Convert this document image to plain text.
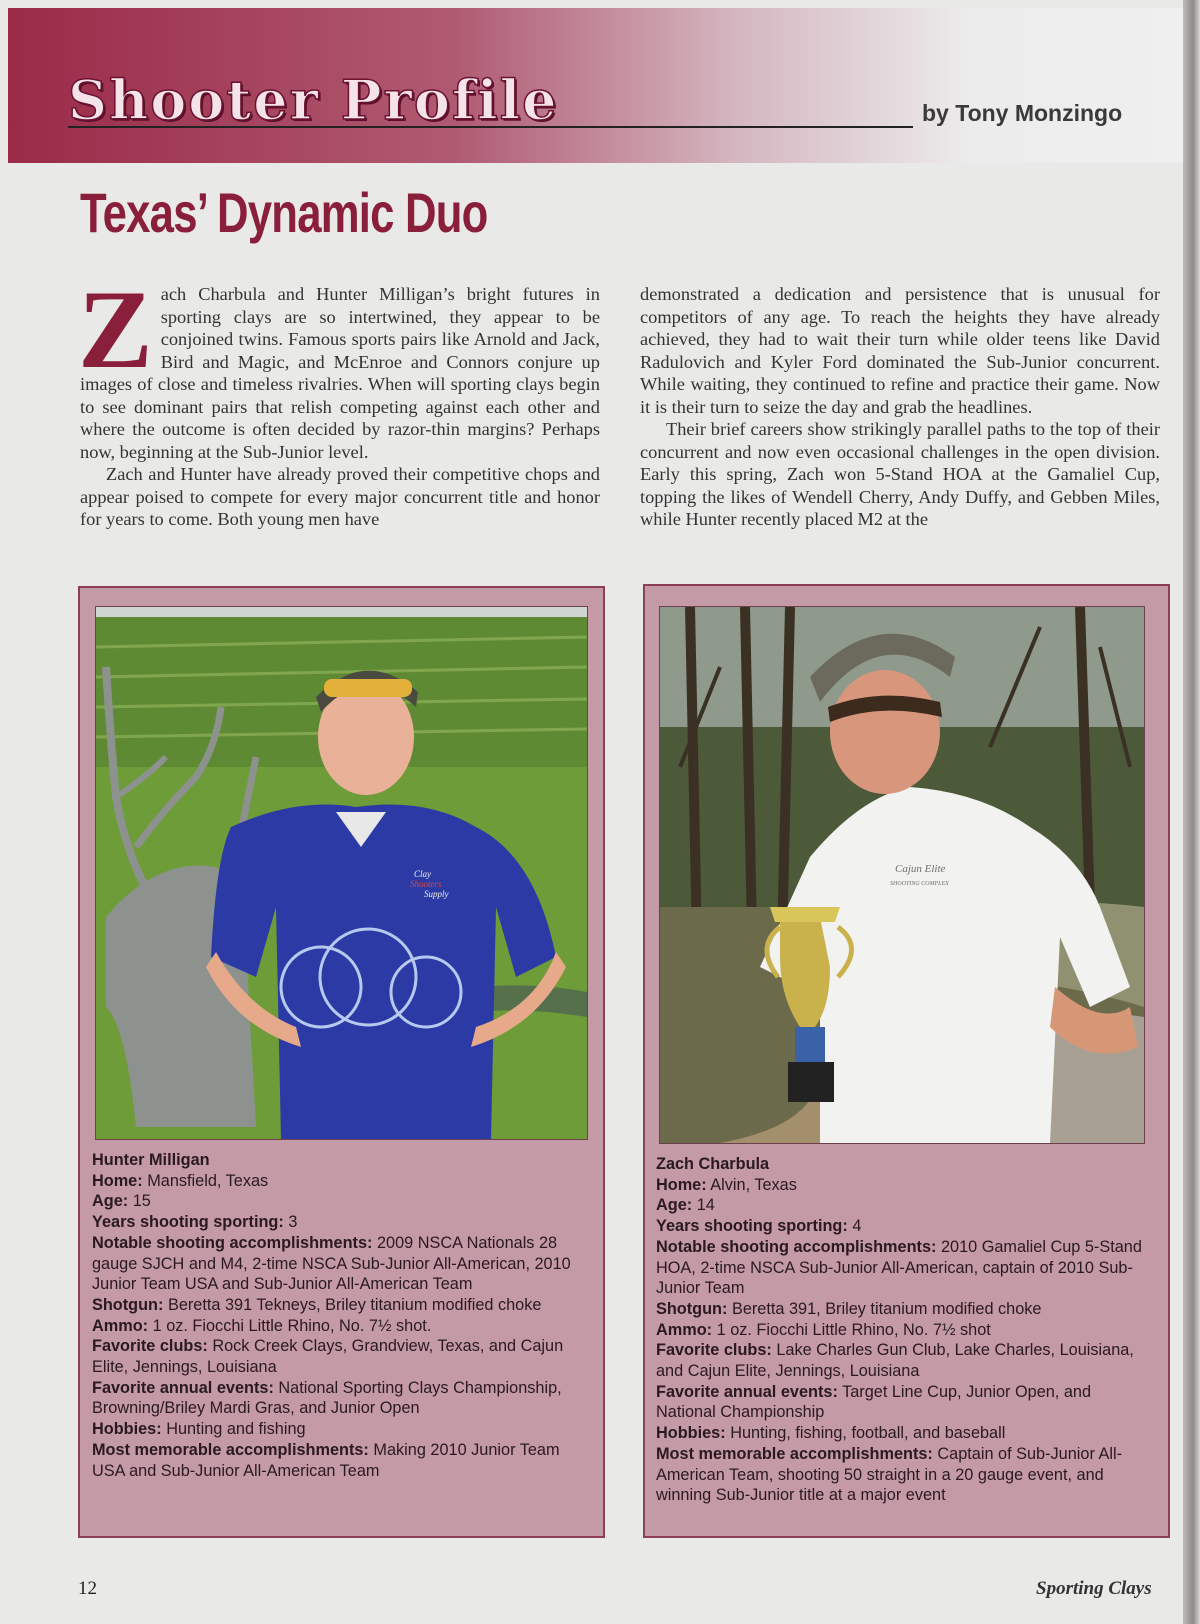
Shooter Profile	by Tony Monzingo
Texas’ Dynamic Duo

Zach Charbula and Hunter Milligan’s bright futures in sporting clays are so intertwined, they appear to be conjoined twins. Famous sports pairs like Arnold and Jack, Bird and Magic, and McEnroe and Connors conjure up images of close and timeless rivalries. When will sporting clays begin to see dominant pairs that relish competing against each other and where the outcome is often decided by razor-thin margins? Perhaps now, beginning at the Sub-Junior level.

Zach and Hunter have already proved their competitive chops and appear poised to compete for every major concurrent title and honor for years to come. Both young men have

demonstrated a dedication and persistence that is unusual for competitors of any age. To reach the heights they have already achieved, they had to wait their turn while older teens like David Radulovich and Kyler Ford dominated the Sub-Junior concurrent. While waiting, they continued to refine and practice their game. Now it is their turn to seize the day and grab the headlines.

Their brief careers show strikingly parallel paths to the top of their concurrent and now even occasional challenges in the open division. Early this spring, Zach won 5-Stand HOA at the Gamaliel Cup, topping the likes of Wendell Cherry, Andy Duffy, and Gebben Miles, while Hunter recently placed M2 at the

Clay
Shooters
Supply
Hunter Milligan
Home: Mansfield, Texas
Age: 15
Years shooting sporting: 3
Notable shooting accomplishments: 2009 NSCA Nationals 28 gauge SJCH and M4, 2-time NSCA Sub-Junior All-American, 2010 Junior Team USA and Sub-Junior All-American Team
Shotgun: Beretta 391 Tekneys, Briley titanium modified choke
Ammo: 1 oz. Fiocchi Little Rhino, No. 7½ shot.
Favorite clubs: Rock Creek Clays, Grandview, Texas, and Cajun Elite, Jennings, Louisiana
Favorite annual events: National Sporting Clays Championship, Browning/Briley Mardi Gras, and Junior Open
Hobbies: Hunting and fishing
Most memorable accomplishments: Making 2010 Junior Team USA and Sub-Junior All-American Team
Cajun Elite
SHOOTING COMPLEX
Zach Charbula
Home: Alvin, Texas
Age: 14
Years shooting sporting: 4
Notable shooting accomplishments: 2010 Gamaliel Cup 5-Stand HOA, 2-time NSCA Sub-Junior All-American, captain of 2010 Sub-Junior Team
Shotgun: Beretta 391, Briley titanium modified choke
Ammo: 1 oz. Fiocchi Little Rhino, No. 7½ shot
Favorite clubs: Lake Charles Gun Club, Lake Charles, Louisiana, and Cajun Elite, Jennings, Louisiana
Favorite annual events: Target Line Cup, Junior Open, and National Championship
Hobbies: Hunting, fishing, football, and baseball
Most memorable accomplishments: Captain of Sub-Junior All-American Team, shooting 50 straight in a 20 gauge event, and winning Sub-Junior title at a major event
12	Sporting Clays
